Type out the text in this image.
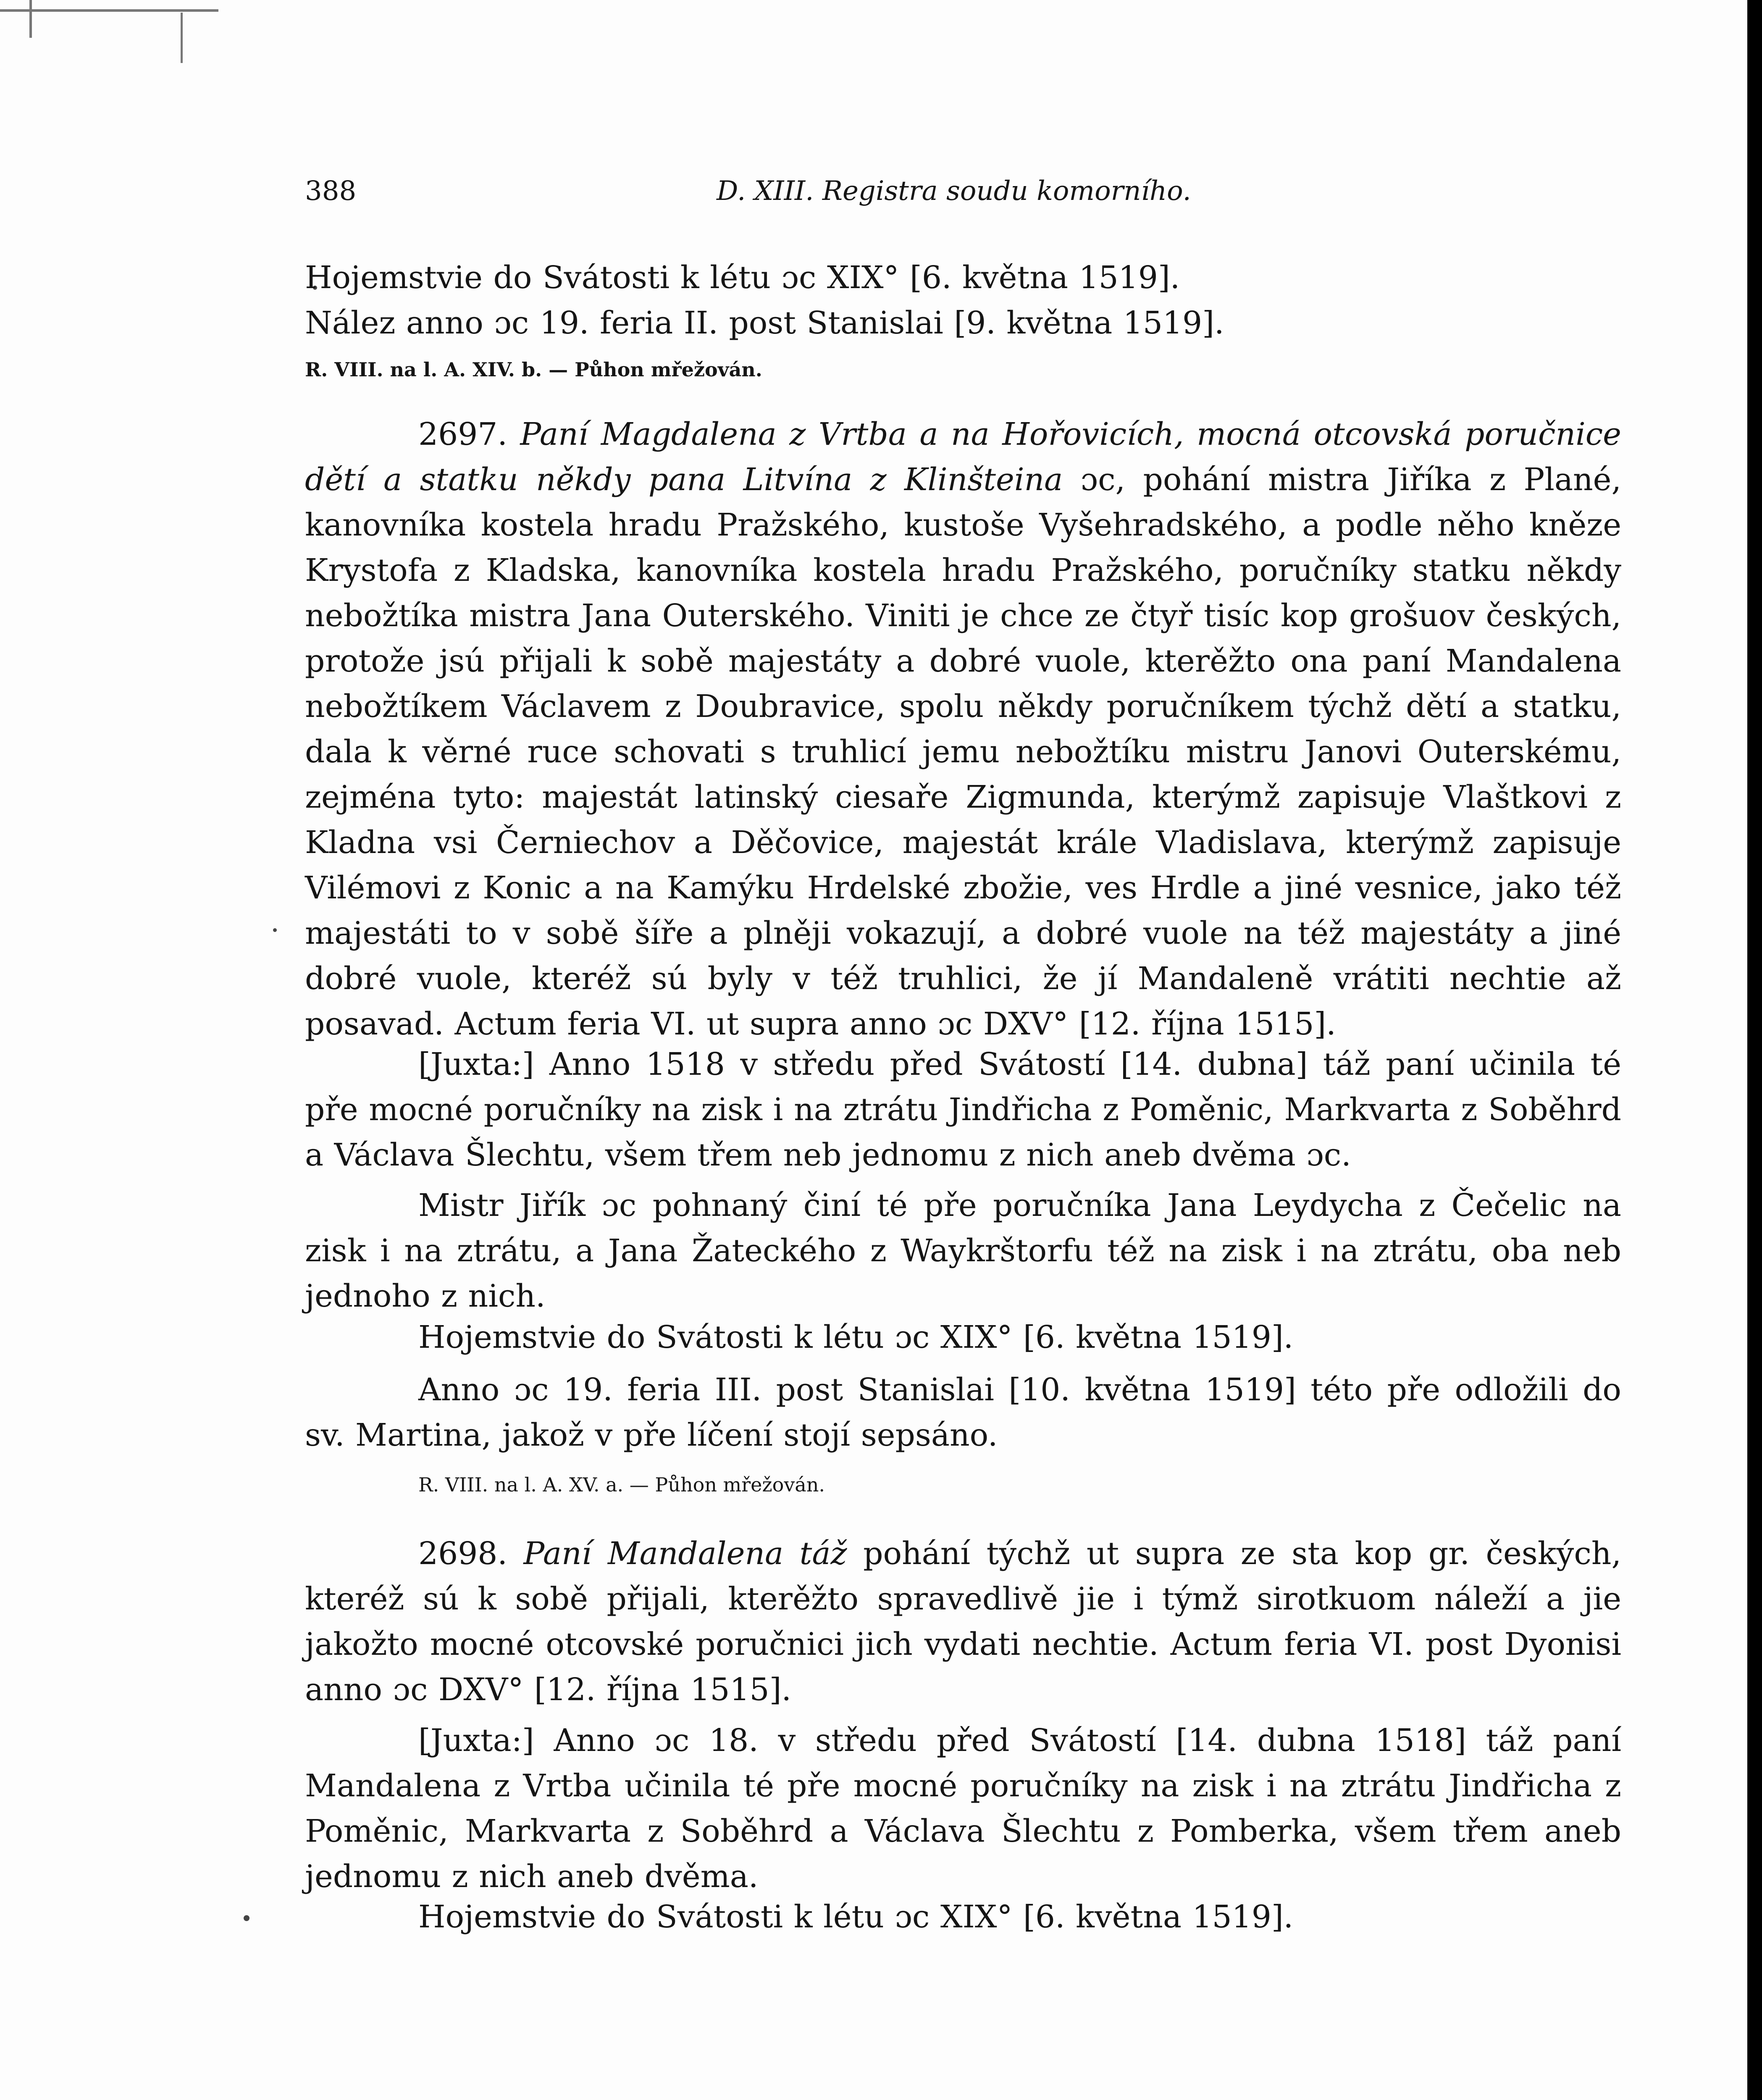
388	D. XIII. Registra soudu komorního.

Hojemstvie do Svátosti k létu ɔc XIX° [6. května 1519].

Nález anno ɔc 19. feria II. post Stanislai [9. května 1519].

R. VIII. na l. A. XIV. b. — Půhon mřežován.

2697. Paní Magdalena z Vrtba a na Hořovicích, mocná otcovská poručnice dětí a statku někdy pana Litvína z Klinšteina ɔc, pohání mistra Jiříka z Plané, kanovníka kostela hradu Pražského, kustoše Vyšehradského, a podle něho kněze Krystofa z Kladska, kanovníka kostela hradu Pražského, poručníky statku někdy nebožtíka mistra Jana Outerského. Viniti je chce ze čtyř tisíc kop grošuov českých, protože jsú přijali k sobě majestáty a dobré vuole, kterěžto ona paní Mandalena nebožtíkem Václavem z Doubravice, spolu někdy poručníkem týchž dětí a statku, dala k věrné ruce schovati s truhlicí jemu nebožtíku mistru Janovi Outerskému, zejména tyto: majestát latinský ciesaře Zigmunda, kterýmž zapisuje Vlaštkovi z Kladna vsi Černiechov a Děčovice, majestát krále Vladislava, kterýmž zapisuje Vilémovi z Konic a na Kamýku Hrdelské zbožie, ves Hrdle a jiné vesnice, jako též majestáti to v sobě šíře a plněji vokazují, a dobré vuole na též majestáty a jiné dobré vuole, kteréž sú byly v též truhlici, že jí Mandaleně vrátiti nechtie až posavad. Actum feria VI. ut supra anno ɔc DXV° [12. října 1515].

[Juxta:] Anno 1518 v středu před Svátostí [14. dubna] táž paní učinila té pře mocné poručníky na zisk i na ztrátu Jindřicha z Poměnic, Markvarta z Soběhrd a Václava Šlechtu, všem třem neb jednomu z nich aneb dvěma ɔc.

Mistr Jiřík ɔc pohnaný činí té pře poručníka Jana Leydycha z Čečelic na zisk i na ztrátu, a Jana Žateckého z Waykrštorfu též na zisk i na ztrátu, oba neb jednoho z nich.

Hojemstvie do Svátosti k létu ɔc XIX° [6. května 1519].

Anno ɔc 19. feria III. post Stanislai [10. května 1519] této pře odložili do sv. Martina, jakož v pře líčení stojí sepsáno.

R. VIII. na l. A. XV. a. — Půhon mřežován.

2698. Paní Mandalena táž pohání týchž ut supra ze sta kop gr. českých, kteréž sú k sobě přijali, kterěžto spravedlivě jie i týmž sirotkuom náleží a jie jakožto mocné otcovské poručnici jich vydati nechtie. Actum feria VI. post Dyonisi anno ɔc DXV° [12. října 1515].

[Juxta:] Anno ɔc 18. v středu před Svátostí [14. dubna 1518] táž paní Mandalena z Vrtba učinila té pře mocné poručníky na zisk i na ztrátu Jindřicha z Poměnic, Markvarta z Soběhrd a Václava Šlechtu z Pomberka, všem třem aneb jednomu z nich aneb dvěma.

Hojemstvie do Svátosti k létu ɔc XIX° [6. května 1519].
